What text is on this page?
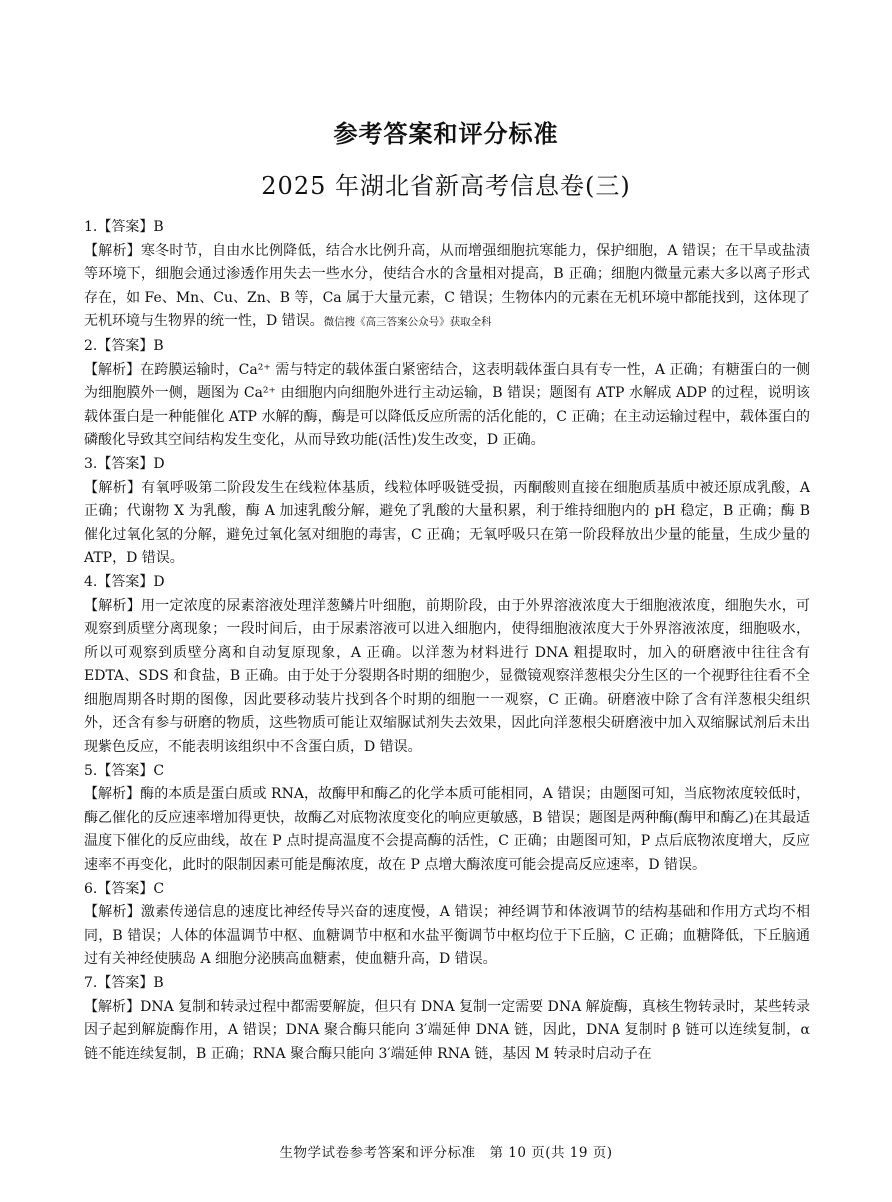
参考答案和评分标准
2025 年湖北省新高考信息卷(三)

1.【答案】B

【解析】寒冬时节，自由水比例降低，结合水比例升高，从而增强细胞抗寒能力，保护细胞，A 错误；在干旱或盐渍等环境下，细胞会通过渗透作用失去一些水分，使结合水的含量相对提高，B 正确；细胞内微量元素大多以离子形式存在，如 Fe、Mn、Cu、Zn、B 等，Ca 属于大量元素，C 错误；生物体内的元素在无机环境中都能找到，这体现了无机环境与生物界的统一性，D 错误。微信搜《高三答案公众号》获取全科

2.【答案】B

【解析】在跨膜运输时，Ca²⁺ 需与特定的载体蛋白紧密结合，这表明载体蛋白具有专一性，A 正确；有糖蛋白的一侧为细胞膜外一侧，题图为 Ca²⁺ 由细胞内向细胞外进行主动运输，B 错误；题图有 ATP 水解成 ADP 的过程，说明该载体蛋白是一种能催化 ATP 水解的酶，酶是可以降低反应所需的活化能的，C 正确；在主动运输过程中，载体蛋白的磷酸化导致其空间结构发生变化，从而导致功能(活性)发生改变，D 正确。

3.【答案】D

【解析】有氧呼吸第二阶段发生在线粒体基质，线粒体呼吸链受损，丙酮酸则直接在细胞质基质中被还原成乳酸，A 正确；代谢物 X 为乳酸，酶 A 加速乳酸分解，避免了乳酸的大量积累，利于维持细胞内的 pH 稳定，B 正确；酶 B 催化过氧化氢的分解，避免过氧化氢对细胞的毒害，C 正确；无氧呼吸只在第一阶段释放出少量的能量，生成少量的 ATP，D 错误。

4.【答案】D

【解析】用一定浓度的尿素溶液处理洋葱鳞片叶细胞，前期阶段，由于外界溶液浓度大于细胞液浓度，细胞失水，可观察到质壁分离现象；一段时间后，由于尿素溶液可以进入细胞内，使得细胞液浓度大于外界溶液浓度，细胞吸水，所以可观察到质壁分离和自动复原现象，A 正确。以洋葱为材料进行 DNA 粗提取时，加入的研磨液中往往含有 EDTA、SDS 和食盐，B 正确。由于处于分裂期各时期的细胞少，显微镜观察洋葱根尖分生区的一个视野往往看不全细胞周期各时期的图像，因此要移动装片找到各个时期的细胞一一观察，C 正确。研磨液中除了含有洋葱根尖组织外，还含有参与研磨的物质，这些物质可能让双缩脲试剂失去效果，因此向洋葱根尖研磨液中加入双缩脲试剂后未出现紫色反应，不能表明该组织中不含蛋白质，D 错误。

5.【答案】C

【解析】酶的本质是蛋白质或 RNA，故酶甲和酶乙的化学本质可能相同，A 错误；由题图可知，当底物浓度较低时，酶乙催化的反应速率增加得更快，故酶乙对底物浓度变化的响应更敏感，B 错误；题图是两种酶(酶甲和酶乙)在其最适温度下催化的反应曲线，故在 P 点时提高温度不会提高酶的活性，C 正确；由题图可知，P 点后底物浓度增大，反应速率不再变化，此时的限制因素可能是酶浓度，故在 P 点增大酶浓度可能会提高反应速率，D 错误。

6.【答案】C

【解析】激素传递信息的速度比神经传导兴奋的速度慢，A 错误；神经调节和体液调节的结构基础和作用方式均不相同，B 错误；人体的体温调节中枢、血糖调节中枢和水盐平衡调节中枢均位于下丘脑，C 正确；血糖降低，下丘脑通过有关神经使胰岛 A 细胞分泌胰高血糖素，使血糖升高，D 错误。

7.【答案】B

【解析】DNA 复制和转录过程中都需要解旋，但只有 DNA 复制一定需要 DNA 解旋酶，真核生物转录时，某些转录因子起到解旋酶作用，A 错误；DNA 聚合酶只能向 3′端延伸 DNA 链，因此，DNA 复制时 β 链可以连续复制，α 链不能连续复制，B 正确；RNA 聚合酶只能向 3′端延伸 RNA 链，基因 M 转录时启动子在

生物学试卷参考答案和评分标准　第 10 页(共 19 页)
